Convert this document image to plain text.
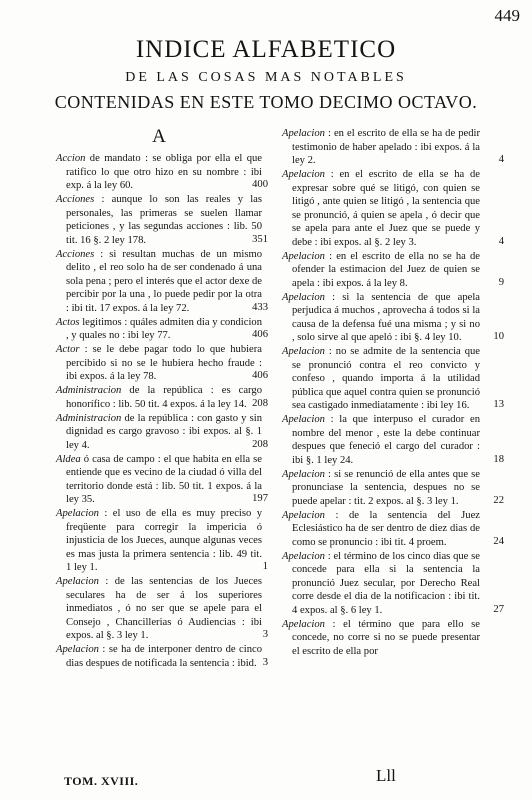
449
INDICE ALFABETICO
DE LAS COSAS MAS NOTABLES
CONTENIDAS EN ESTE TOMO DECIMO OCTAVO.
A
Accion de mandato : se obliga por ella el que ratifico lo que otro hizo en su nombre : ibi exp. á la ley 60.	400
Acciones : aunque lo son las reales y las personales, las primeras se suelen llamar peticiones , y las segundas acciones : lib. 50 tit. 16 §. 2 ley 178.	351
Acciones : si resultan muchas de un mismo delito , el reo solo ha de ser condenado á una sola pena ; pero el interés que el actor dexe de percibir por la una , lo puede pedir por la otra : ibi tit. 17 expos. á la ley 72.	433
Actos legitimos : quáles admiten dia y condicion , y quales no : ibi ley 77.	406
Actor : se le debe pagar todo lo que hubiera percibido si no se le hubiera hecho fraude : ibi expos. á la ley 78.	406
Administracion de la república : es cargo honorífico : lib. 50 tit. 4 expos. á la ley 14. 208
Administracion de la república : con gasto y sin dignidad es cargo gravoso : ibi expos. al §. 1 ley 4.	208
Aldea ó casa de campo : el que habita en ella se entiende que es vecino de la ciudad ó villa del territorio donde está : lib. 50 tit. 1 expos. á la ley 35.	197
Apelacion : el uso de ella es muy preciso y freqüente para corregir la impericia ó injusticia de los Jueces, aunque algunas veces es mas justa la primera sentencia : lib. 49 tit. 1 ley 1.	1
Apelacion : de las sentencias de los Jueces seculares ha de ser á los superiores inmediatos , ó no ser que se apele para el Consejo , Chancillerias ó Audiencias : ibi expos. al §. 3 ley 1.	3
Apelacion : se ha de interponer dentro de cinco dias despues de notificada la sentencia : ibid. 3
Apelacion : en el escrito de ella se ha de pedir testimonio de haber apelado : ibi expos. á la ley 2.	4
Apelacion : en el escrito de ella se ha de expresar sobre qué se litigó, con quien se litigó , ante quien se litigó , la sentencia que se pronunció, á quien se apela , ó decir que se apela para ante el Juez que se puede y debe : ibi expos. al §. 2 ley 3.	4
Apelacion : en el escrito de ella no se ha de ofender la estimacion del Juez de quien se apela : ibi expos. á la ley 8.	9
Apelacion : si la sentencia de que apela perjudica á muchos , aprovecha á todos si la causa de la defensa fué una misma ; y si no , solo sirve al que apeló : ibi §. 4 ley 10.	10
Apelacion : no se admite de la sentencia que se pronunció contra el reo convicto y confeso , quando importa á la utilidad pública que aquel contra quien se pronunció sea castigado inmediatamente : ibi ley 16. 13
Apelacion : la que interpuso el curador en nombre del menor , este la debe continuar despues que feneció el cargo del curador : ibi §. 1 ley 24.	18
Apelacion : si se renunció de ella antes que se pronunciase la sentencia, despues no se puede apelar : tit. 2 expos. al §. 3 ley 1.	22
Apelacion : de la sentencia del Juez Eclesiástico ha de ser dentro de diez dias de como se pronuncio : ibi tit. 4 proem.	24
Apelacion : el término de los cinco dias que se concede para ella si la sentencia la pronunció Juez secular, por Derecho Real corre desde el dia de la notificacion : ibi tit. 4 expos. al §. 6 ley 1.	27
Apelacion : el término que para ello se concede, no corre si no se puede presentar el escrito de ella por
TOM. XVIII.	Lll
